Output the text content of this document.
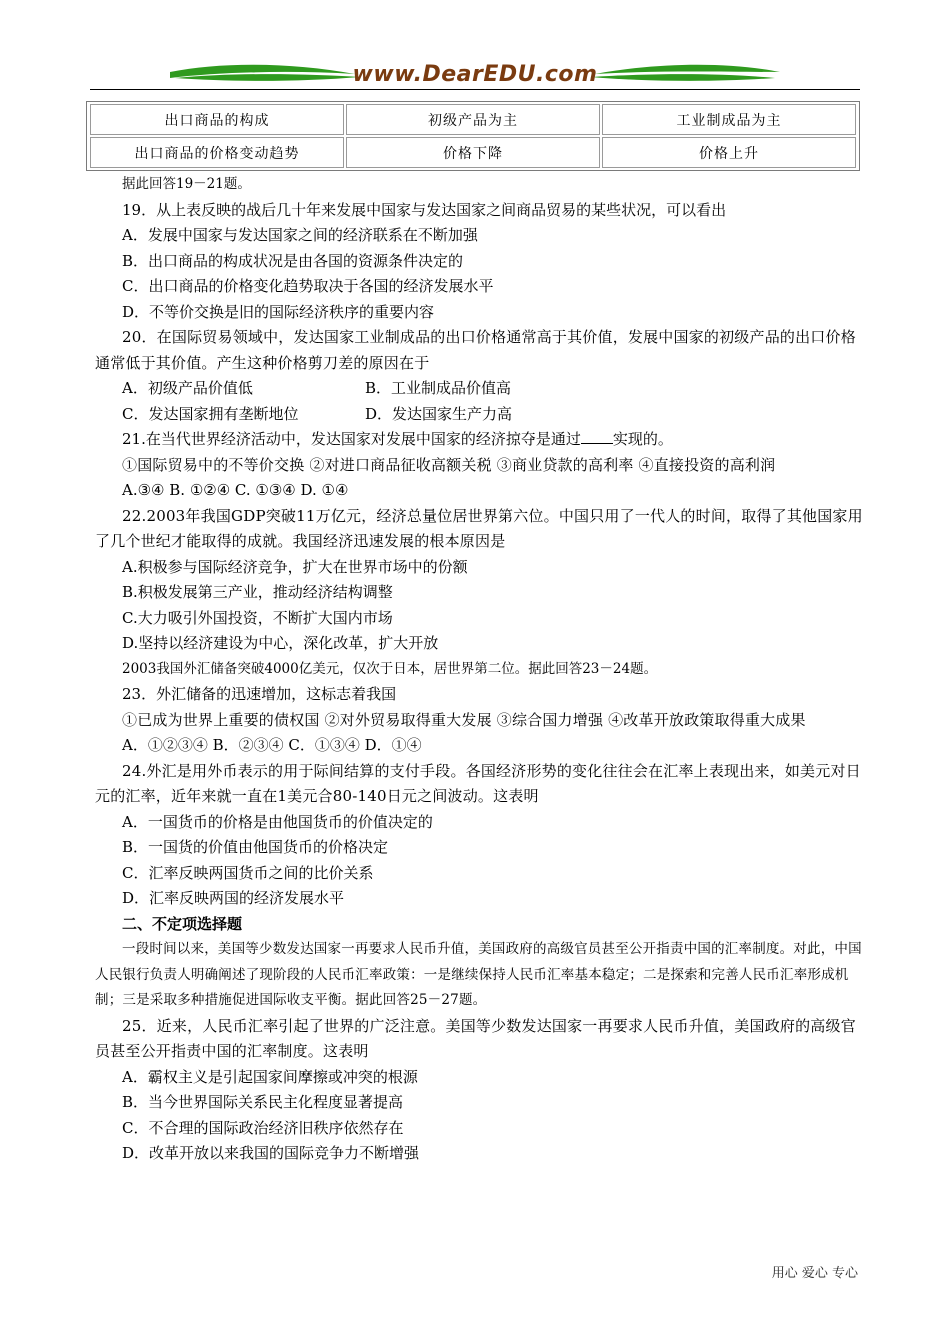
www.DearEDU.com
出口商品的构成	初级产品为主	工业制成品为主
出口商品的价格变动趋势	价格下降	价格上升

据此回答19－21题。

19．从上表反映的战后几十年来发展中国家与发达国家之间商品贸易的某些状况，可以看出

A．发展中国家与发达国家之间的经济联系在不断加强

B．出口商品的构成状况是由各国的资源条件决定的

C．出口商品的价格变化趋势取决于各国的经济发展水平

D．不等价交换是旧的国际经济秩序的重要内容

20．在国际贸易领域中，发达国家工业制成品的出口价格通常高于其价值，发展中国家的初级产品的出口价格通常低于其价值。产生这种价格剪刀差的原因在于

A．初级产品价值低	B．工业制成品价值高

C．发达国家拥有垄断地位	D．发达国家生产力高

21.在当代世界经济活动中，发达国家对发展中国家的经济掠夺是通过 实现的。

①国际贸易中的不等价交换 ②对进口商品征收高额关税 ③商业贷款的高利率 ④直接投资的高利润

A.③④ B. ①②④ C. ①③④ D. ①④

22.2003年我国GDP突破11万亿元，经济总量位居世界第六位。中国只用了一代人的时间，取得了其他国家用了几个世纪才能取得的成就。我国经济迅速发展的根本原因是

A.积极参与国际经济竞争，扩大在世界市场中的份额

B.积极发展第三产业，推动经济结构调整

C.大力吸引外国投资，不断扩大国内市场

D.坚持以经济建设为中心，深化改革，扩大开放

2003我国外汇储备突破4000亿美元，仅次于日本，居世界第二位。据此回答23－24题。

23．外汇储备的迅速增加，这标志着我国

①已成为世界上重要的债权国 ②对外贸易取得重大发展 ③综合国力增强 ④改革开放政策取得重大成果

A．①②③④ B．②③④ C．①③④ D．①④

24.外汇是用外币表示的用于际间结算的支付手段。各国经济形势的变化往往会在汇率上表现出来，如美元对日元的汇率，近年来就一直在1美元合80-140日元之间波动。这表明

A．一国货币的价格是由他国货币的价值决定的

B．一国货的价值由他国货币的价格决定

C．汇率反映两国货币之间的比价关系

D．汇率反映两国的经济发展水平

二、不定项选择题

一段时间以来，美国等少数发达国家一再要求人民币升值，美国政府的高级官员甚至公开指责中国的汇率制度。对此，中国人民银行负责人明确阐述了现阶段的人民币汇率政策：一是继续保持人民币汇率基本稳定；二是探索和完善人民币汇率形成机制；三是采取多种措施促进国际收支平衡。据此回答25－27题。

25．近来，人民币汇率引起了世界的广泛注意。美国等少数发达国家一再要求人民币升值，美国政府的高级官员甚至公开指责中国的汇率制度。这表明

A．霸权主义是引起国家间摩擦或冲突的根源

B．当今世界国际关系民主化程度显著提高

C．不合理的国际政治经济旧秩序依然存在

D．改革开放以来我国的国际竞争力不断增强

用心 爱心 专心
